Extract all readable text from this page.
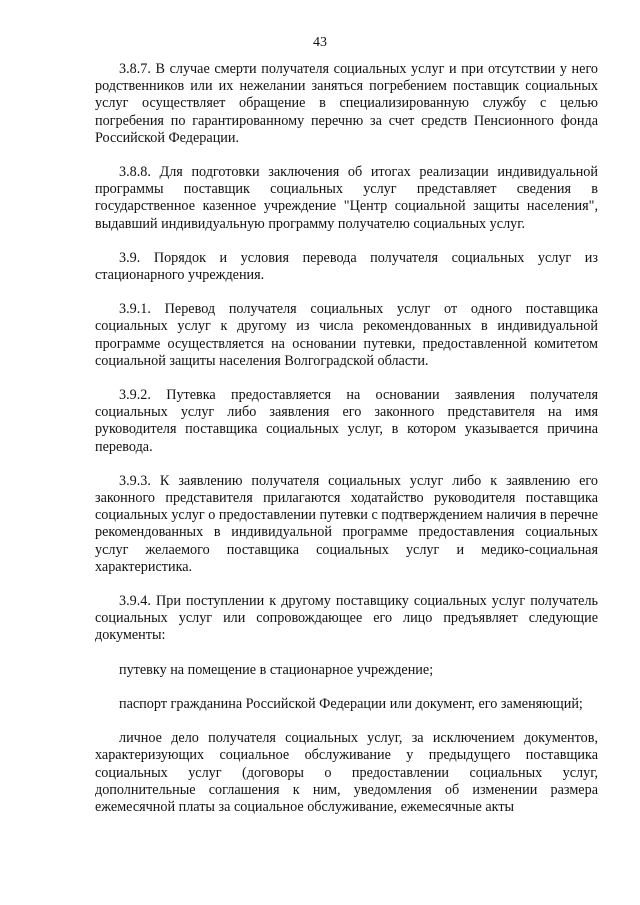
43

3.8.7. В случае смерти получателя социальных услуг и при отсутствии у него родственников или их нежелании заняться погребением поставщик социальных услуг осуществляет обращение в специализированную службу с целью погребения по гарантированному перечню за счет средств Пенсионного фонда Российской Федерации.

3.8.8. Для подготовки заключения об итогах реализации индивидуальной программы поставщик социальных услуг представляет сведения в государственное казенное учреждение "Центр социальной защиты населения", выдавший индивидуальную программу получателю социальных услуг.

3.9. Порядок и условия перевода получателя социальных услуг из стационарного учреждения.

3.9.1. Перевод получателя социальных услуг от одного поставщика социальных услуг к другому из числа рекомендованных в индивидуальной программе осуществляется на основании путевки, предоставленной комитетом социальной защиты населения Волгоградской области.

3.9.2. Путевка предоставляется на основании заявления получателя социальных услуг либо заявления его законного представителя на имя руководителя поставщика социальных услуг, в котором указывается причина перевода.

3.9.3. К заявлению получателя социальных услуг либо к заявлению его законного представителя прилагаются ходатайство руководителя поставщика социальных услуг о предоставлении путевки с подтверждением наличия в перечне рекомендованных в индивидуальной программе предоставления социальных услуг желаемого поставщика социальных услуг и медико-социальная характеристика.

3.9.4. При поступлении к другому поставщику социальных услуг получатель социальных услуг или сопровождающее его лицо предъявляет следующие документы:

путевку на помещение в стационарное учреждение;

паспорт гражданина Российской Федерации или документ, его заменяющий;

личное дело получателя социальных услуг, за исключением документов, характеризующих социальное обслуживание у предыдущего поставщика социальных услуг (договоры о предоставлении социальных услуг, дополнительные соглашения к ним, уведомления об изменении размера ежемесячной платы за социальное обслуживание, ежемесячные акты
